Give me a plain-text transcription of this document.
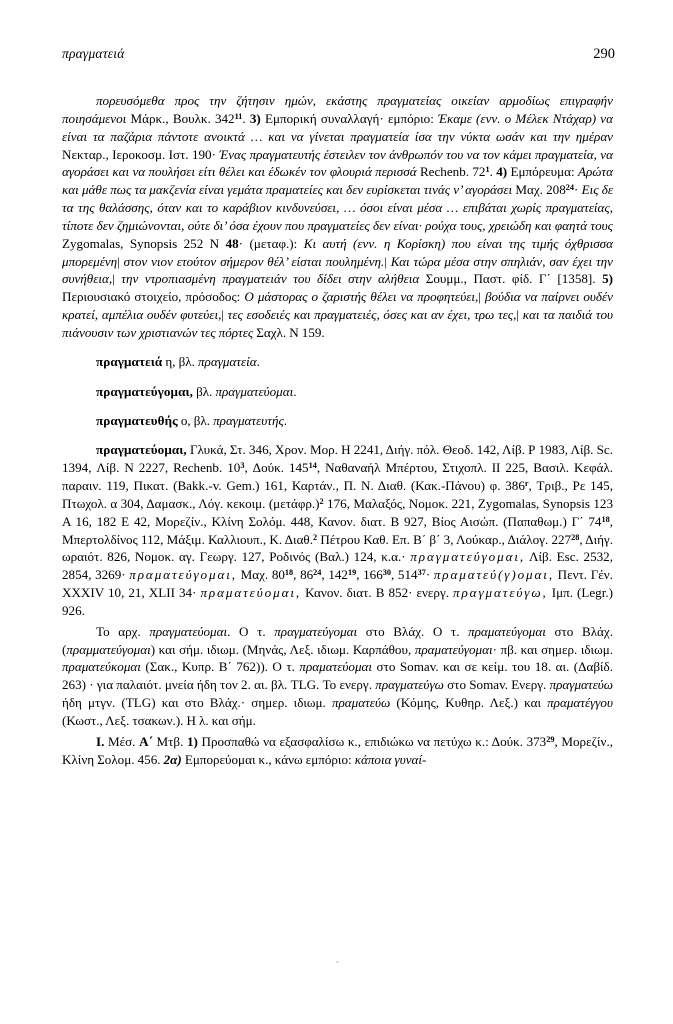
πραγματειά	290

πορευσόμεθα προς την ζήτησιν ημών, εκάστης πραγματείας οικείαν αρμοδίως επιγραφήν ποιησάμενοι Μάρκ., Βουλκ. $342^{11}$. 3) Εμπορική συναλλαγή· εμπόριο: Έκαμε (ενν. ο Μέλεκ Ντάχαρ) να είναι τα παζάρια πάντοτε ανοικτά … και να γίνεται πραγματεία ίσα την νύκτα ωσάν και την ημέραν Νεκταρ., Ιεροκοσμ. Ιστ. 190· Ένας πραγματευτής έστειλεν τον άνθρωπόν του να τον κάμει πραγματεία, να αγοράσει και να πουλήσει είτι θέλει και έδωκέν τον φλουριά περισσά Rechenb. $72^1$. 4) Εμπόρευμα: Αρώτα και μάθε πως τα μακζενία είναι γεμάτα πραματείες και δεν ευρίσκεται τινάς ν’ αγοράσει Μαχ. $208^{24}\cdot E\iota\varsigma$ δε τα της θαλάσσης, όταν και το καράβιον κινδυνεύσει, … όσοι είναι μέσα … επιβάται χωρίς πραγματείας, τίποτε δεν ζημιώνονται, ούτε δι’ όσα έχουν που πραγματείες δεν είναι· ρούχα τους, χρειώδη και φαητά τους Zygomalas, Synopsis 252 N 48· (μεταφ.): Κι αυτή (ενν. η Κορίσκη) που είναι της τιμής όχθρισσα μπορεμένη| στον νιον ετούτον σήμερον θέλ’ είσται πουλημένη.| Και τώρα μέσα στην σπηλιάν, σαν έχει την συνήθεια,| την ντροπιασμένη πραγματειάν του δίδει στην αλήθεια Σουμμ., Παστ. φίδ. Γ΄ [1358]. 5) Περιουσιακό στοιχείο, πρόσοδος: Ο μάστορας ο ζαριστής θέλει να προφητεύει,| βούδια να παίρνει ουδέν κρατεί, αμπέλια ουδέν φυτεύει,| τες εσοδειές και πραγματειές, όσες και αν έχει, τρω τες,| και τα παιδιά του πιάνουσιν των χριστιανών τες πόρτες Σαχλ. Ν 159.

πραγματειά η, βλ. πραγματεία.

πραγματεύγομαι, βλ. πραγματεύομαι.

πραγματευθής ο, βλ. πραγματευτής.

πραγματεύομαι, Γλυκά, Στ. 346, Χρον. Μορ. Η 2241, Διήγ. πόλ. Θεοδ. 142, Λίβ. Ρ 1983, Λίβ. Sc. 1394, Λίβ. Ν 2227, Rechenb. $10^3$, Δούκ. $145^{14}$, Ναθαναήλ Μπέρτου, Στιχοπλ. ΙΙ 225, Βασιλ. Κεφάλ. παραιν. 119, Πικατ. (Bakk.-v. Gem.) 161, Καρτάν., Π. Ν. Διαθ. (Κακ.-Πάνου) φ. 386$^r$, Τριβ., Ρε 145, Πτωχολ. α 304, Δαμασκ., Λόγ. κεκοιμ. $(\mu\varepsilon\tau ά\varphi\rho.)^2$ 176, Μαλαξός, Νομοκ. 221, Zygomalas, Synopsis 123 Α 16, 182 Ε 42, Μορεζίν., Κλίνη Σολόμ. 448, Κανον. διατ. Β 927, Βίος Αισώπ. (Παπαθωμ.) Γ΄ $74^{18}$, Μπερτολδίνος 112, Μάξιμ. Καλλιουπ., Κ. Διαθ.$^2$ Πέτρου Καθ. Επ. Β΄ β΄ 3, Λούκαρ., Διάλογ. $227^{28}$, Διήγ. ωραιότ. 826, Νομοκ. αγ. Γεωργ. 127, Ροδινός (Βαλ.) 124, κ.α.· πραγματεύγομαι, Λίβ. Esc. 2532, 2854, 3269· πραματεύγομαι, Μαχ. $80^{18}$, $86^{24}$, $142^{19}$, $166^{30}$, $514^{37}\cdot \pi\rho\alpha\mu\alpha\tau\varepsilon ύ(\gamma)o\mu\alpha\iota$, Πεντ. Γέν. XXXIV 10, 21, XLII 34· πραματεύομαι, Κανον. διατ. Β 852· ενεργ. πραγματεύγω, Ιμπ. (Legr.) 926.

Το αρχ. πραγματεύομαι. Ο τ. πραγματεύγομαι στο Βλάχ. Ο τ. πραματεύγομαι στο Βλάχ. (πραμματεύγομαι) και σήμ. ιδιωμ. (Μηνάς, Λεξ. ιδιωμ. Καρπάθου, πραματεύγομαι· πβ. και σημερ. ιδιωμ. πραματεύκομαι (Σακ., Κυπρ. Β΄ 762)). Ο τ. πραματεύομαι στο Somav. και σε κείμ. του 18. αι. (Δαβίδ. 263) · για παλαιότ. μνεία ήδη τον 2. αι. βλ. TLG. Το ενεργ. πραγματεύγω στο Somav. Ενεργ. πραγματεύω ήδη μτγν. (TLG) και στο Βλάχ.· σημερ. ιδιωμ. πραματεύω (Κόμης, Κυθηρ. Λεξ.) και πραματέγγου (Κωστ., Λεξ. τσακων.). Η λ. και σήμ.

Ι. Μέσ. Α΄ Μτβ. 1) Προσπαθώ να εξασφαλίσω κ., επιδιώκω να πετύχω κ.: Δούκ. $373^{29}$, Μορεζίν., Κλίνη Σολομ. 456. 2α) Εμπορεύομαι κ., κάνω εμπόριο: κάποια γυναί-
